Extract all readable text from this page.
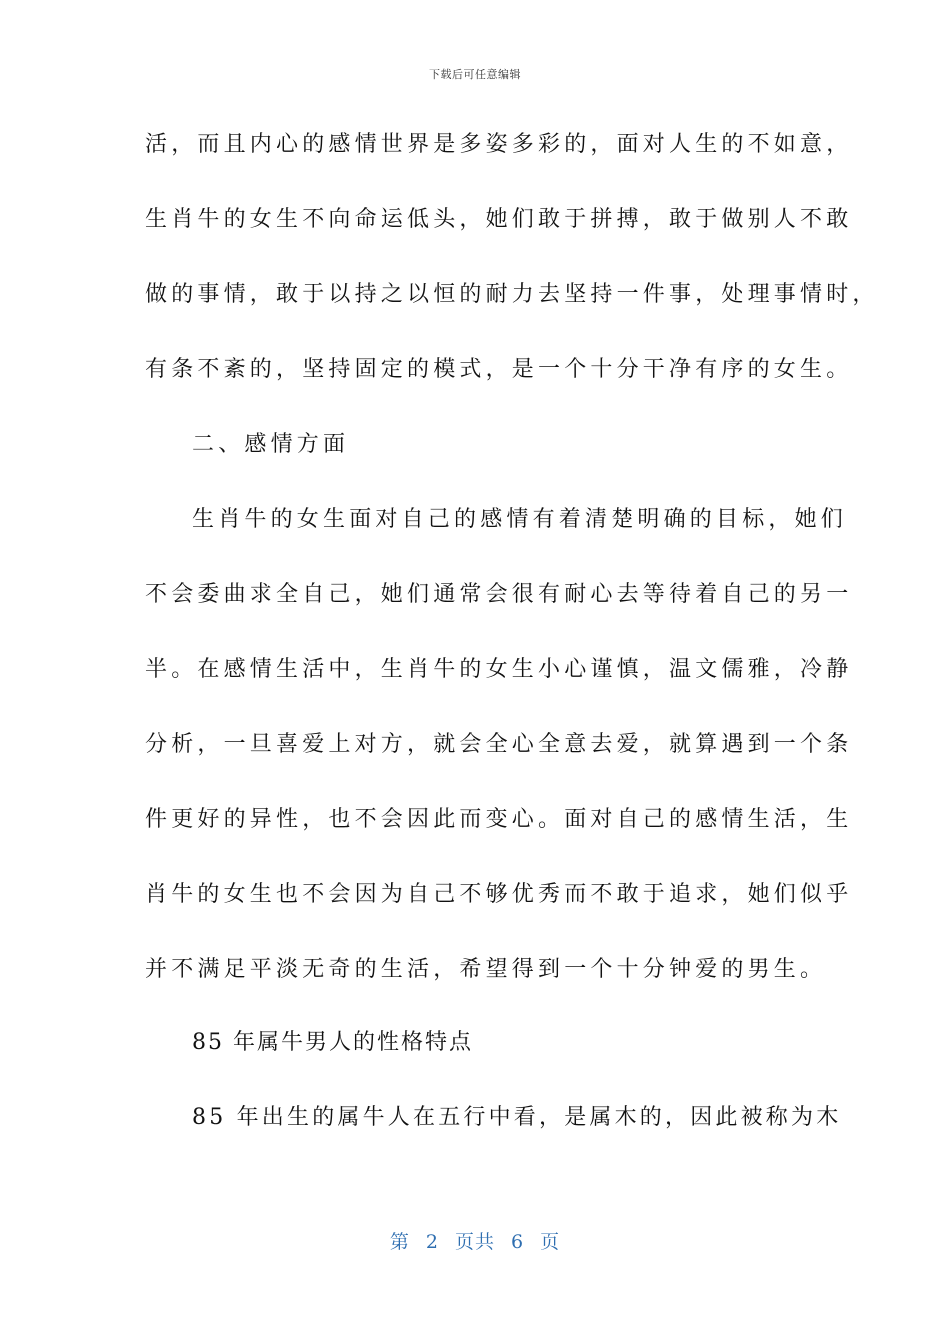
下载后可任意编辑
活，而且内心的感情世界是多姿多彩的，面对人生的不如意，
生肖牛的女生不向命运低头，她们敢于拼搏，敢于做别人不敢
做的事情，敢于以持之以恒的耐力去坚持一件事，处理事情时，
有条不紊的，坚持固定的模式，是一个十分干净有序的女生。
二、感情方面
生肖牛的女生面对自己的感情有着清楚明确的目标，她们
不会委曲求全自己，她们通常会很有耐心去等待着自己的另一
半。在感情生活中，生肖牛的女生小心谨慎，温文儒雅，冷静
分析，一旦喜爱上对方，就会全心全意去爱，就算遇到一个条
件更好的异性，也不会因此而变心。面对自己的感情生活，生
肖牛的女生也不会因为自己不够优秀而不敢于追求，她们似乎
并不满足平淡无奇的生活，希望得到一个十分钟爱的男生。
85 年属牛男人的性格特点
85 年出生的属牛人在五行中看，是属木的，因此被称为木
第 2 页共 6 页
